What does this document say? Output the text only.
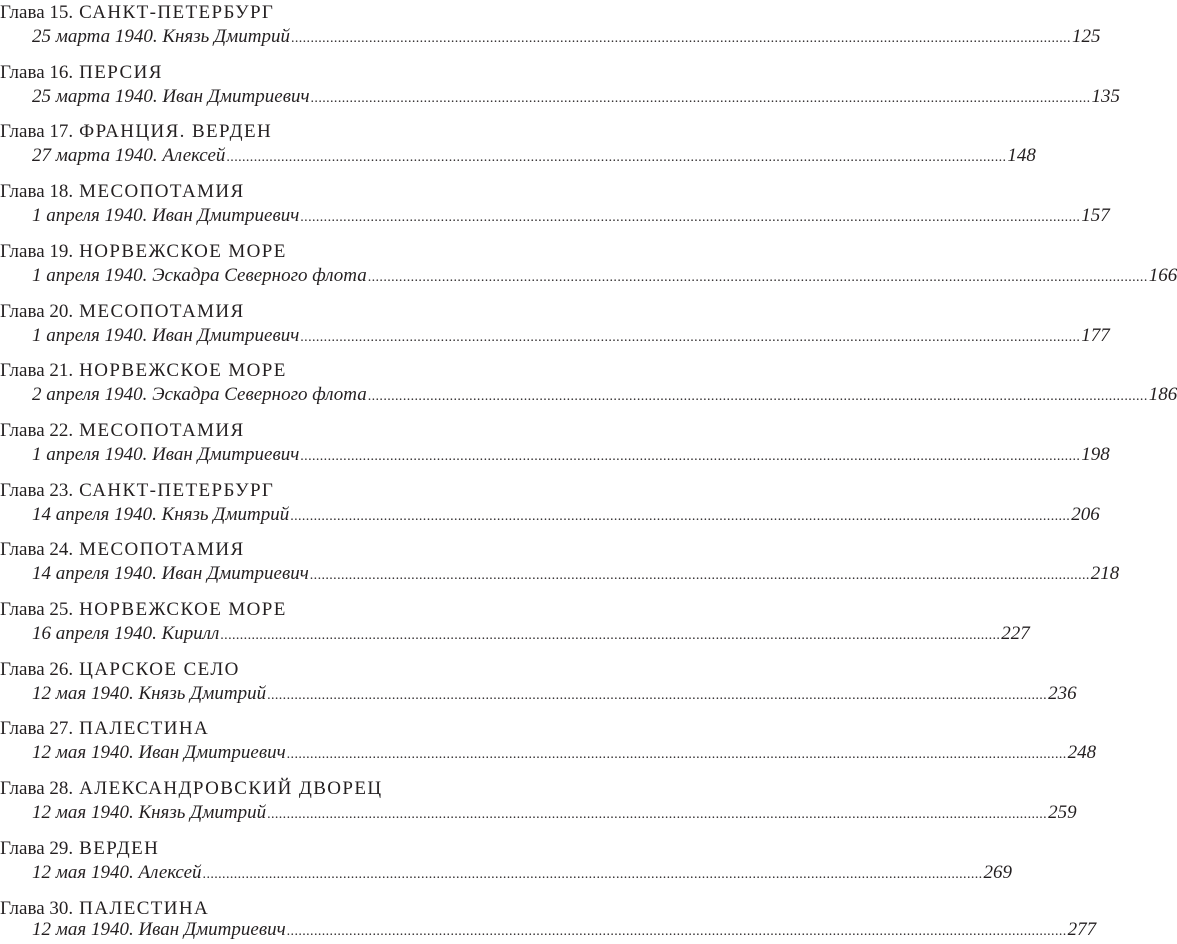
Глава 15. САНКТ-ПЕТЕРБУРГ
25 марта 1940. Князь Дмитрий ........................................................................................................................................................................................................ 125
Глава 16. ПЕРСИЯ
25 марта 1940. Иван Дмитриевич ........................................................................................................................................................................................................ 135
Глава 17. ФРАНЦИЯ. ВЕРДЕН
27 марта 1940. Алексей ........................................................................................................................................................................................................ 148
Глава 18. МЕСОПОТАМИЯ
1 апреля 1940. Иван Дмитриевич ........................................................................................................................................................................................................ 157
Глава 19. НОРВЕЖСКОЕ МОРЕ
1 апреля 1940. Эскадра Северного флота ........................................................................................................................................................................................................ 166
Глава 20. МЕСОПОТАМИЯ
1 апреля 1940. Иван Дмитриевич ........................................................................................................................................................................................................ 177
Глава 21. НОРВЕЖСКОЕ МОРЕ
2 апреля 1940. Эскадра Северного флота ........................................................................................................................................................................................................ 186
Глава 22. МЕСОПОТАМИЯ
1 апреля 1940. Иван Дмитриевич ........................................................................................................................................................................................................ 198
Глава 23. САНКТ-ПЕТЕРБУРГ
14 апреля 1940. Князь Дмитрий ........................................................................................................................................................................................................ 206
Глава 24. МЕСОПОТАМИЯ
14 апреля 1940. Иван Дмитриевич ........................................................................................................................................................................................................ 218
Глава 25. НОРВЕЖСКОЕ МОРЕ
16 апреля 1940. Кирилл ........................................................................................................................................................................................................ 227
Глава 26. ЦАРСКОЕ СЕЛО
12 мая 1940. Князь Дмитрий ........................................................................................................................................................................................................ 236
Глава 27. ПАЛЕСТИНА
12 мая 1940. Иван Дмитриевич ........................................................................................................................................................................................................ 248
Глава 28. АЛЕКСАНДРОВСКИЙ ДВОРЕЦ
12 мая 1940. Князь Дмитрий ........................................................................................................................................................................................................ 259
Глава 29. ВЕРДЕН
12 мая 1940. Алексей ........................................................................................................................................................................................................ 269
Глава 30. ПАЛЕСТИНА
12 мая 1940. Иван Дмитриевич ........................................................................................................................................................................................................ 277
